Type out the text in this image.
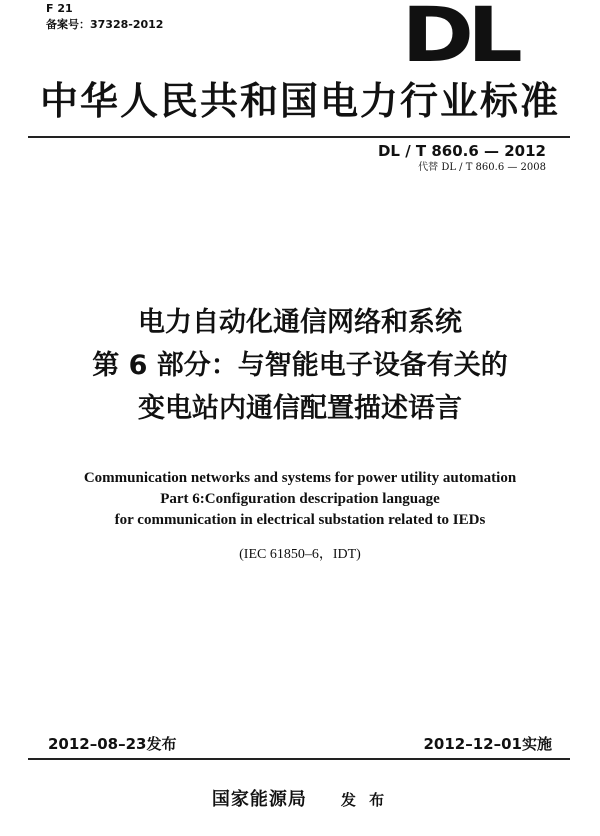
F 21
备案号：37328-2012	DL
中华人民共和国电力行业标准
DL / T 860.6 — 2012
代替 DL / T 860.6 — 2008
电力自动化通信网络和系统
第 6 部分：与智能电子设备有关的
变电站内通信配置描述语言
Communication networks and systems for power utility automation
Part 6:Configuration descripation language
for communication in electrical substation related to IEDs
(IEC 61850–6，IDT)
2012–08–23发布	2012–12–01实施
国家能源局 发 布
